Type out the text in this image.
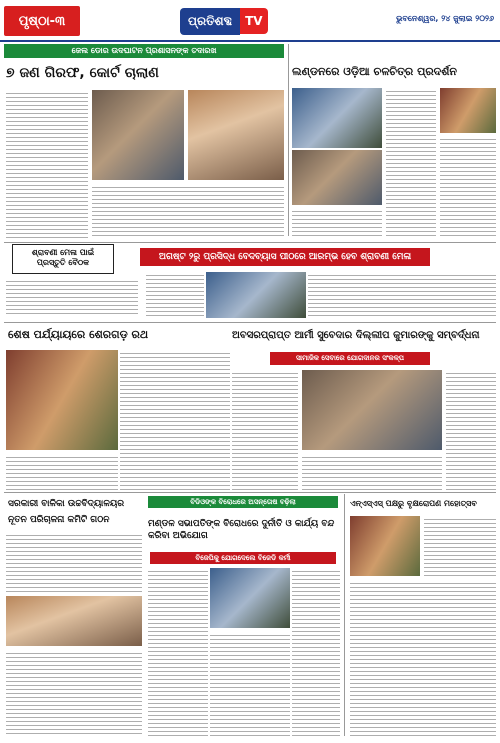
ପୃଷ୍ଠା-୩	ପ୍ରତିଶବ୍ଦ	TV	ଭୁବନେଶ୍ୱର, ୨୪ ଜୁଲାଇ ୨୦୨୬
ଜେଲ ଡୋର ଉଦଘାଟନ ପ୍ରଶାସନଙ୍କ ତଦାରଖ
୭ ଜଣ ଗିରଫ, କୋର୍ଟ ଚାଲାଣ	ଲଣ୍ଡନରେ ଓଡ଼ିଆ ଚଳଚିତ୍ର ପ୍ରଦର୍ଶନ
ଶ୍ରାବଣୀ ମେଳା ପାଇଁ
ପ୍ରସ୍ତୁତି ବୈଠକ
ଅଗଷ୍ଟ ୨ରୁ ପ୍ରସିଦ୍ଧ ବେଦବ୍ୟାସ ପୀଠରେ ଆରମ୍ଭ ହେବ ଶ୍ରାବଣୀ ମେଳା
ଶେଷ ପର୍ଯ୍ୟାୟରେ ଶେରଗଡ଼ ରଥ	ଅବସରପ୍ରାପ୍ତ ଆର୍ମୀ ସୁବେଦାର ଦିଲ୍ଲୀପ କୁମାରଙ୍କୁ ସମ୍ବର୍ଦ୍ଧନା
ସାମାଜିକ ସେବାରେ ଯୋଗଦାନର ସଂକଳ୍ପ
ସରକାରୀ ବାଳିକା ଉଚ୍ଚବିଦ୍ୟାଳୟର
ନୂତନ ପରିଚାଳନା କମିଟି ଗଠନ
ବିଡିଓଙ୍କ ବିରୋଧରେ ଅସନ୍ତୋଷ ବଢ଼ିଲା
ମଣ୍ଡଳ ସଭାପତିଙ୍କ ବିରୋଧରେ ଦୁର୍ନୀତି ଓ କାର୍ଯ୍ୟ ବନ୍ଦ କରିବା ଅଭିଯୋଗ
ବିଜେପିକୁ ଯୋଗଦେଲେ ବିଜେଡି କର୍ମୀ
ଏନ୍ଏସ୍ଏସ୍ ପକ୍ଷରୁ ବୃକ୍ଷରୋପଣ ମହୋତ୍ସବ
